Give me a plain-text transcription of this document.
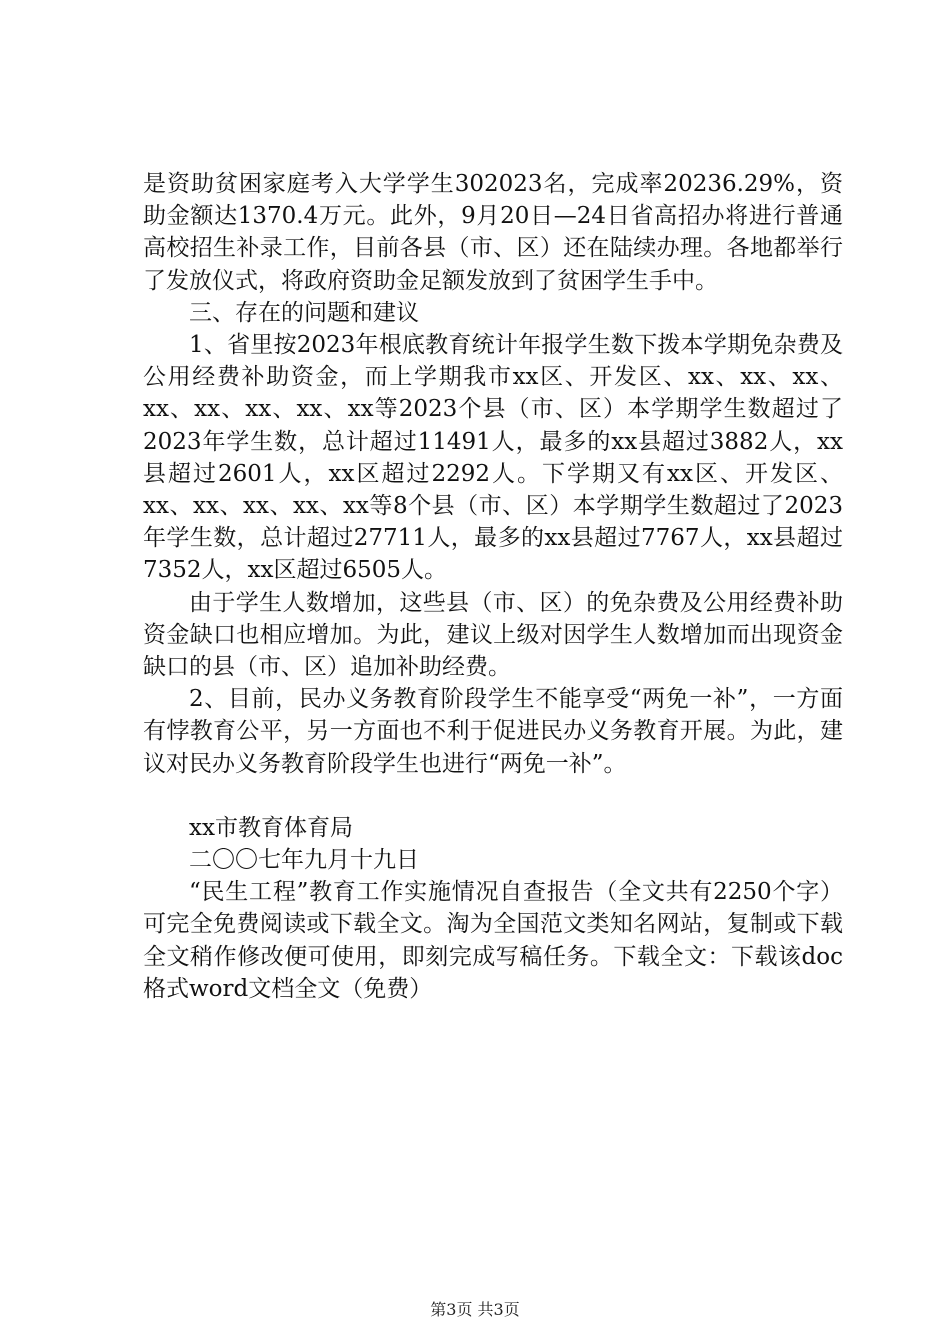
是资助贫困家庭考入大学学生302023名，完成率20236.29%，资助金额达1370.4万元。此外，9月20日—24日省高招办将进行普通高校招生补录工作，目前各县（市、区）还在陆续办理。各地都举行了发放仪式，将政府资助金足额发放到了贫困学生手中。

三、存在的问题和建议

1、省里按2023年根底教育统计年报学生数下拨本学期免杂费及公用经费补助资金，而上学期我市xx区、开发区、xx、xx、xx、xx、xx、xx、xx、xx等2023个县（市、区）本学期学生数超过了2023年学生数，总计超过11491人，最多的xx县超过3882人，xx县超过2601人，xx区超过2292人。下学期又有xx区、开发区、xx、xx、xx、xx、xx等8个县（市、区）本学期学生数超过了2023年学生数，总计超过27711人，最多的xx县超过7767人，xx县超过7352人，xx区超过6505人。

由于学生人数增加，这些县（市、区）的免杂费及公用经费补助资金缺口也相应增加。为此，建议上级对因学生人数增加而出现资金缺口的县（市、区）追加补助经费。

2、目前，民办义务教育阶段学生不能享受“两免一补”，一方面有悖教育公平，另一方面也不利于促进民办义务教育开展。为此，建议对民办义务教育阶段学生也进行“两免一补”。

xx市教育体育局

二〇〇七年九月十九日

“民生工程”教育工作实施情况自查报告（全文共有2250个字）可完全免费阅读或下载全文。淘为全国范文类知名网站，复制或下载全文稍作修改便可使用，即刻完成写稿任务。下载全文：下载该doc格式word文档全文（免费）

第3页 共3页
